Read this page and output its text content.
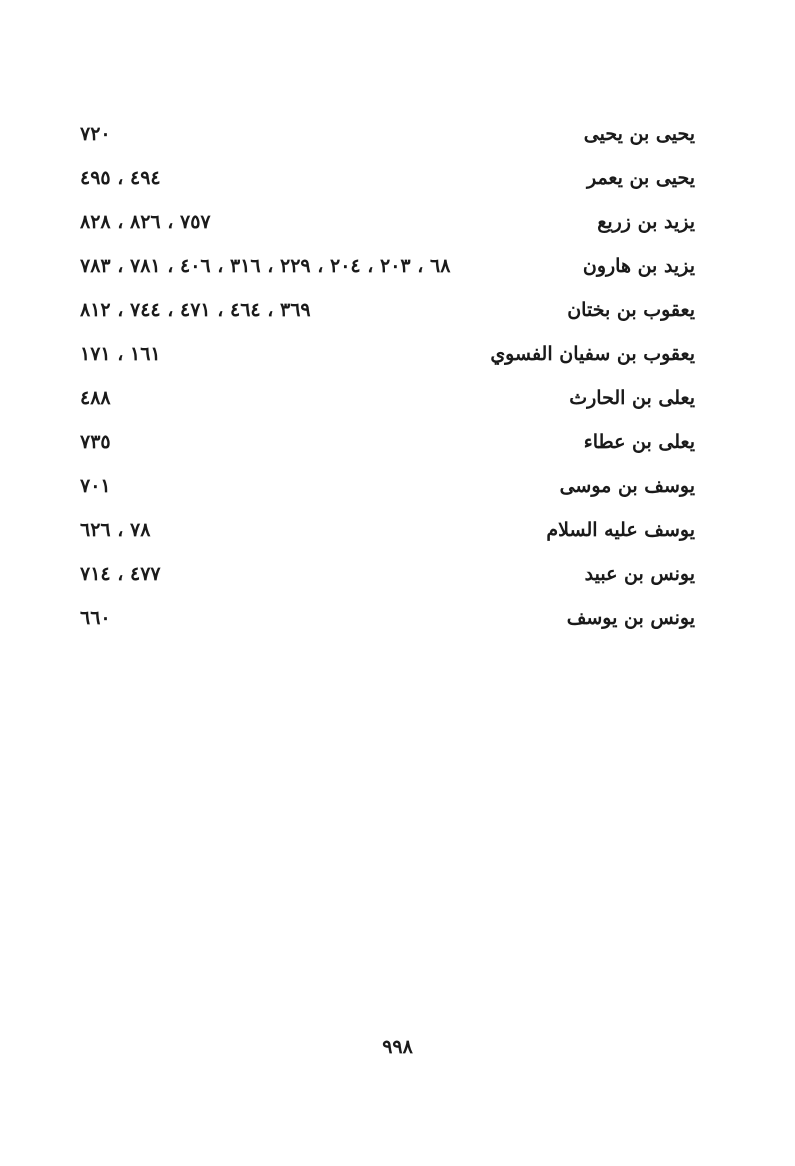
يحيى بن يحيى
٧٢٠
يحيى بن يعمر
٤٩٤ ، ٤٩٥
يزيد بن زريع
٧٥٧ ، ٨٢٦ ، ٨٢٨
يزيد بن هارون
٦٨ ، ٢٠٣ ، ٢٠٤ ، ٢٢٩ ، ٣١٦ ، ٤٠٦ ، ٧٨١ ، ٧٨٣
يعقوب بن بختان
٣٦٩ ، ٤٦٤ ، ٤٧١ ، ٧٤٤ ، ٨١٢
يعقوب بن سفيان الفسوي
١٦١ ، ١٧١
يعلى بن الحارث
٤٨٨
يعلى بن عطاء
٧٣٥
يوسف بن موسى
٧٠١
يوسف عليه السلام
٧٨ ، ٦٢٦
يونس بن عبيد
٤٧٧ ، ٧١٤
يونس بن يوسف
٦٦٠
٩٩٨
